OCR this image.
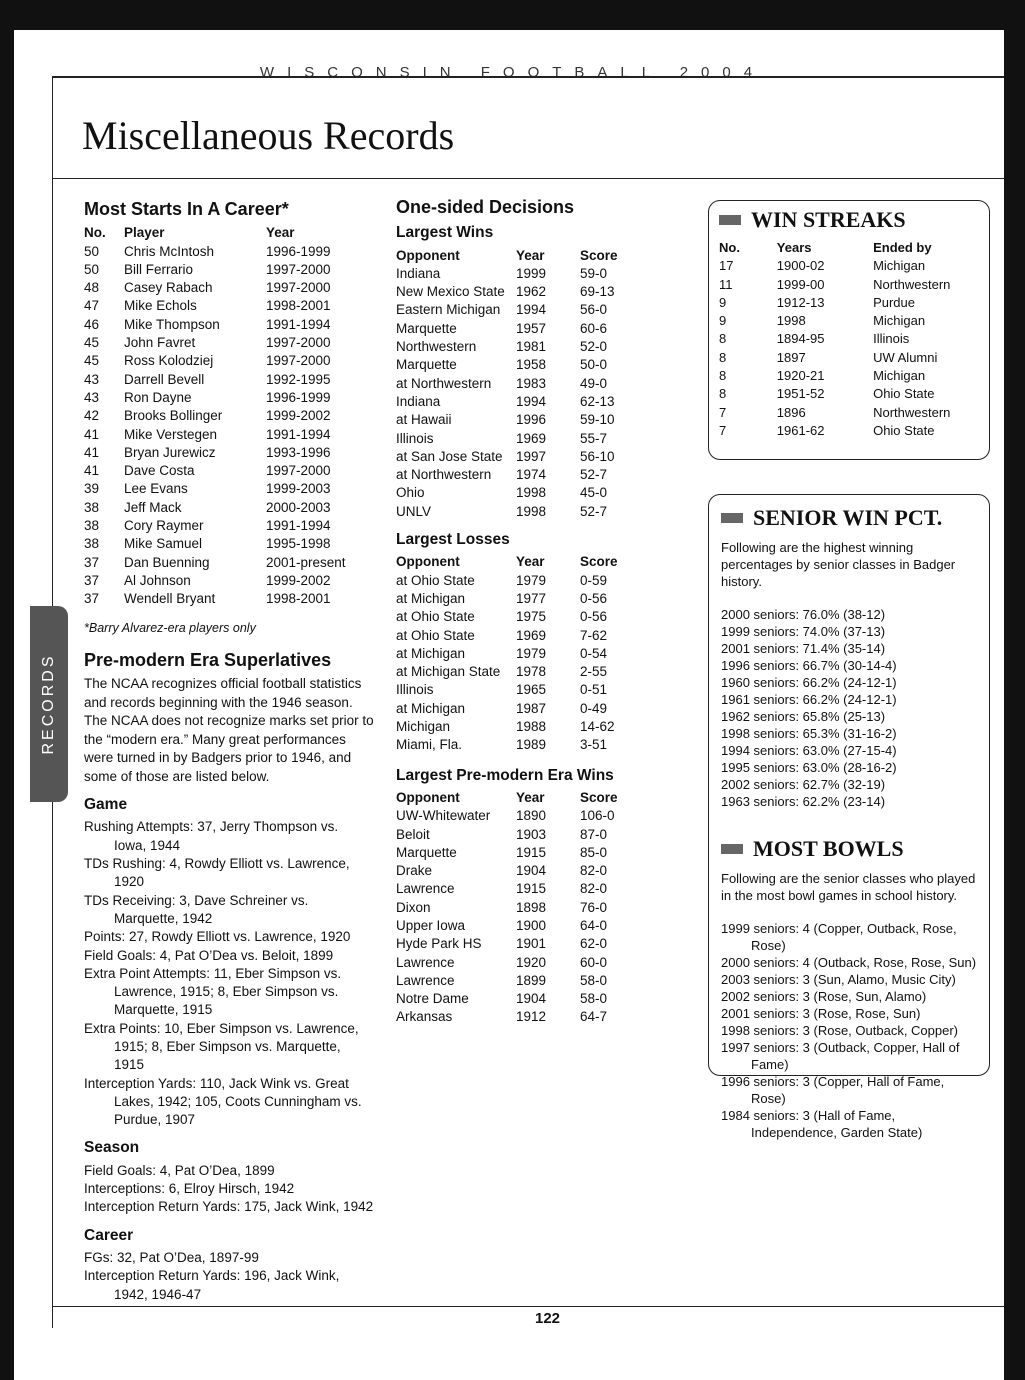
WISCONSIN FOOTBALL 2004
Miscellaneous Records
RECORDS
Most Starts In A Career*
No.	Player	Year
50	Chris McIntosh	1996-1999
50	Bill Ferrario	1997-2000
48	Casey Rabach	1997-2000
47	Mike Echols	1998-2001
46	Mike Thompson	1991-1994
45	John Favret	1997-2000
45	Ross Kolodziej	1997-2000
43	Darrell Bevell	1992-1995
43	Ron Dayne	1996-1999
42	Brooks Bollinger	1999-2002
41	Mike Verstegen	1991-1994
41	Bryan Jurewicz	1993-1996
41	Dave Costa	1997-2000
39	Lee Evans	1999-2003
38	Jeff Mack	2000-2003
38	Cory Raymer	1991-1994
38	Mike Samuel	1995-1998
37	Dan Buenning	2001-present
37	Al Johnson	1999-2002
37	Wendell Bryant	1998-2001
*Barry Alvarez-era players only
Pre-modern Era Superlatives

The NCAA recognizes official football statistics and records beginning with the 1946 season. The NCAA does not recognize marks set prior to the “modern era.” Many great performances were turned in by Badgers prior to 1946, and some of those are listed below.

Game
Rushing Attempts: 37, Jerry Thompson vs. Iowa, 1944
TDs Rushing: 4, Rowdy Elliott vs. Lawrence, 1920
TDs Receiving: 3, Dave Schreiner vs. Marquette, 1942
Points: 27, Rowdy Elliott vs. Lawrence, 1920
Field Goals: 4, Pat O’Dea vs. Beloit, 1899
Extra Point Attempts: 11, Eber Simpson vs. Lawrence, 1915; 8, Eber Simpson vs. Marquette, 1915
Extra Points: 10, Eber Simpson vs. Lawrence, 1915; 8, Eber Simpson vs. Marquette, 1915
Interception Yards: 110, Jack Wink vs. Great Lakes, 1942; 105, Coots Cunningham vs. Purdue, 1907
Season
Field Goals: 4, Pat O’Dea, 1899
Interceptions: 6, Elroy Hirsch, 1942
Interception Return Yards: 175, Jack Wink, 1942
Career
FGs: 32, Pat O’Dea, 1897-99
Interception Return Yards: 196, Jack Wink, 1942, 1946-47
One-sided Decisions
Largest Wins
Opponent	Year	Score
Indiana	1999	59-0
New Mexico State 1962	69-13
Eastern Michigan	1994	56-0
Marquette	1957	60-6
Northwestern	1981	52-0
Marquette	1958	50-0
at Northwestern	1983	49-0
Indiana	1994	62-13
at Hawaii	1996	59-10
Illinois	1969	55-7
at San Jose State 1997	56-10
at Northwestern	1974	52-7
Ohio	1998	45-0
UNLV	1998	52-7
Largest Losses
Opponent	Year	Score
at Ohio State	1979	0-59
at Michigan	1977	0-56
at Ohio State	1975	0-56
at Ohio State	1969	7-62
at Michigan	1979	0-54
at Michigan State	1978	2-55
Illinois	1965	0-51
at Michigan	1987	0-49
Michigan	1988	14-62
Miami, Fla.	1989	3-51
Largest Pre-modern Era Wins
Opponent	Year	Score
UW-Whitewater	1890	106-0
Beloit	1903	87-0
Marquette	1915	85-0
Drake	1904	82-0
Lawrence	1915	82-0
Dixon	1898	76-0
Upper Iowa	1900	64-0
Hyde Park HS	1901	62-0
Lawrence	1920	60-0
Lawrence	1899	58-0
Notre Dame	1904	58-0
Arkansas	1912	64-7
WIN STREAKS
No.	Years	Ended by
17	1900-02	Michigan
11	1999-00	Northwestern
9	1912-13	Purdue
9	1998	Michigan
8	1894-95	Illinois
8	1897	UW Alumni
8	1920-21	Michigan
8	1951-52	Ohio State
7	1896	Northwestern
7	1961-62	Ohio State
SENIOR WIN PCT.

Following are the highest winning percentages by senior classes in Badger history.

2000 seniors: 76.0% (38-12)
1999 seniors: 74.0% (37-13)
2001 seniors: 71.4% (35-14)
1996 seniors: 66.7% (30-14-4)
1960 seniors: 66.2% (24-12-1)
1961 seniors: 66.2% (24-12-1)
1962 seniors: 65.8% (25-13)
1998 seniors: 65.3% (31-16-2)
1994 seniors: 63.0% (27-15-4)
1995 seniors: 63.0% (28-16-2)
2002 seniors: 62.7% (32-19)
1963 seniors: 62.2% (23-14)
MOST BOWLS

Following are the senior classes who played in the most bowl games in school history.

1999 seniors: 4 (Copper, Outback, Rose, Rose)
2000 seniors: 4 (Outback, Rose, Rose, Sun)
2003 seniors: 3 (Sun, Alamo, Music City)
2002 seniors: 3 (Rose, Sun, Alamo)
2001 seniors: 3 (Rose, Rose, Sun)
1998 seniors: 3 (Rose, Outback, Copper)
1997 seniors: 3 (Outback, Copper, Hall of Fame)
1996 seniors: 3 (Copper, Hall of Fame, Rose)
1984 seniors: 3 (Hall of Fame, Independence, Garden State)
122
